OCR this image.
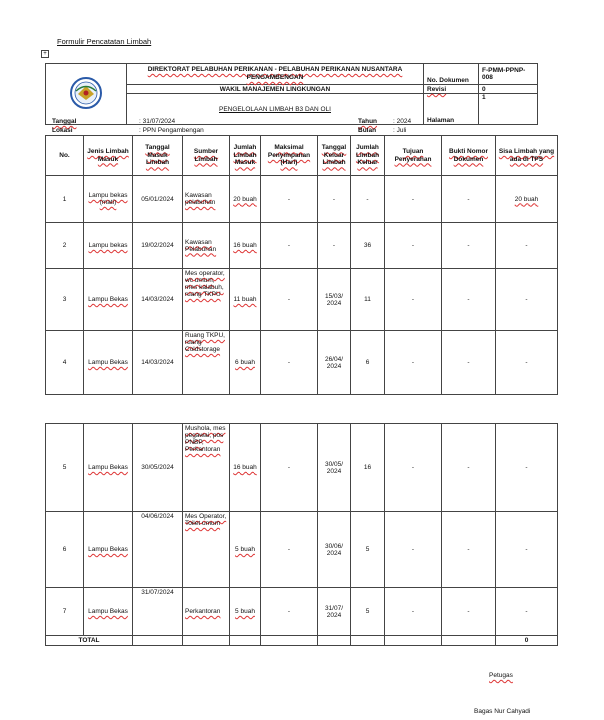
Formulir Pencatatan Limbah
+
	DIREKTORAT PELABUHAN PERIKANAN - PELABUHAN PERIKANAN NUSANTARA PENGAMBENGAN	No. Dokumen	F-PMM-PPNP-008
	WAKIL MANAJEMEN LINGKUNGAN	Revisi	0
	PENGELOLAAN LIMBAH B3 DAN OLI	Halaman	1
Tanggal	: 31/07/2024
Lokasi	: PPN Pengambengan
Tahun : 2024
Bulan	: Juli
No.	Jenis Limbah Masuk	Tanggal Masuk Limbah	Sumber Limbah	Jumlah Limbah Masuk	Maksimal Penyimpanan (Hari)	Tanggal Keluar Limbah	Jumlah Limbah Keluar	Tujuan Penyerahan	Bukti Nomor Dokumen	Sisa Limbah yang ada di TPS
1	Lampu bekas (mati)	05/01/2024	Kawasan pelabuhan	20 buah	-	-	-	-	-	20 buah
2	Lampu bekas	19/02/2024	Kawasan Pelabuhan	16 buah	-	-	36	-	-	-
3	Lampu Bekas	14/03/2024	Mes operator, wc umum, mes kalabuh, ruang TKPU	11 buah	-	15/03/ 2024	11	-	-	-
4	Lampu Bekas	14/03/2024	Ruang TKPU, ruang Coldstorage	6 buah	-	26/04/ 2024	6	-	-	-
5	Lampu Bekas	30/05/2024	Mushola, mes pegawai, pos PNBP, Perkantoran	16 buah	-	30/05/ 2024	16	-	-	-
6	Lampu Bekas	04/06/2024	Mes Operator, Toilet umum	5 buah	-	30/06/ 2024	5	-	-	-
7	Lampu Bekas	31/07/2024	Perkantoran	5 buah	-	31/07/ 2024	5	-	-	-
TOTAL										0
Petugas
Bagas Nur Cahyadi
